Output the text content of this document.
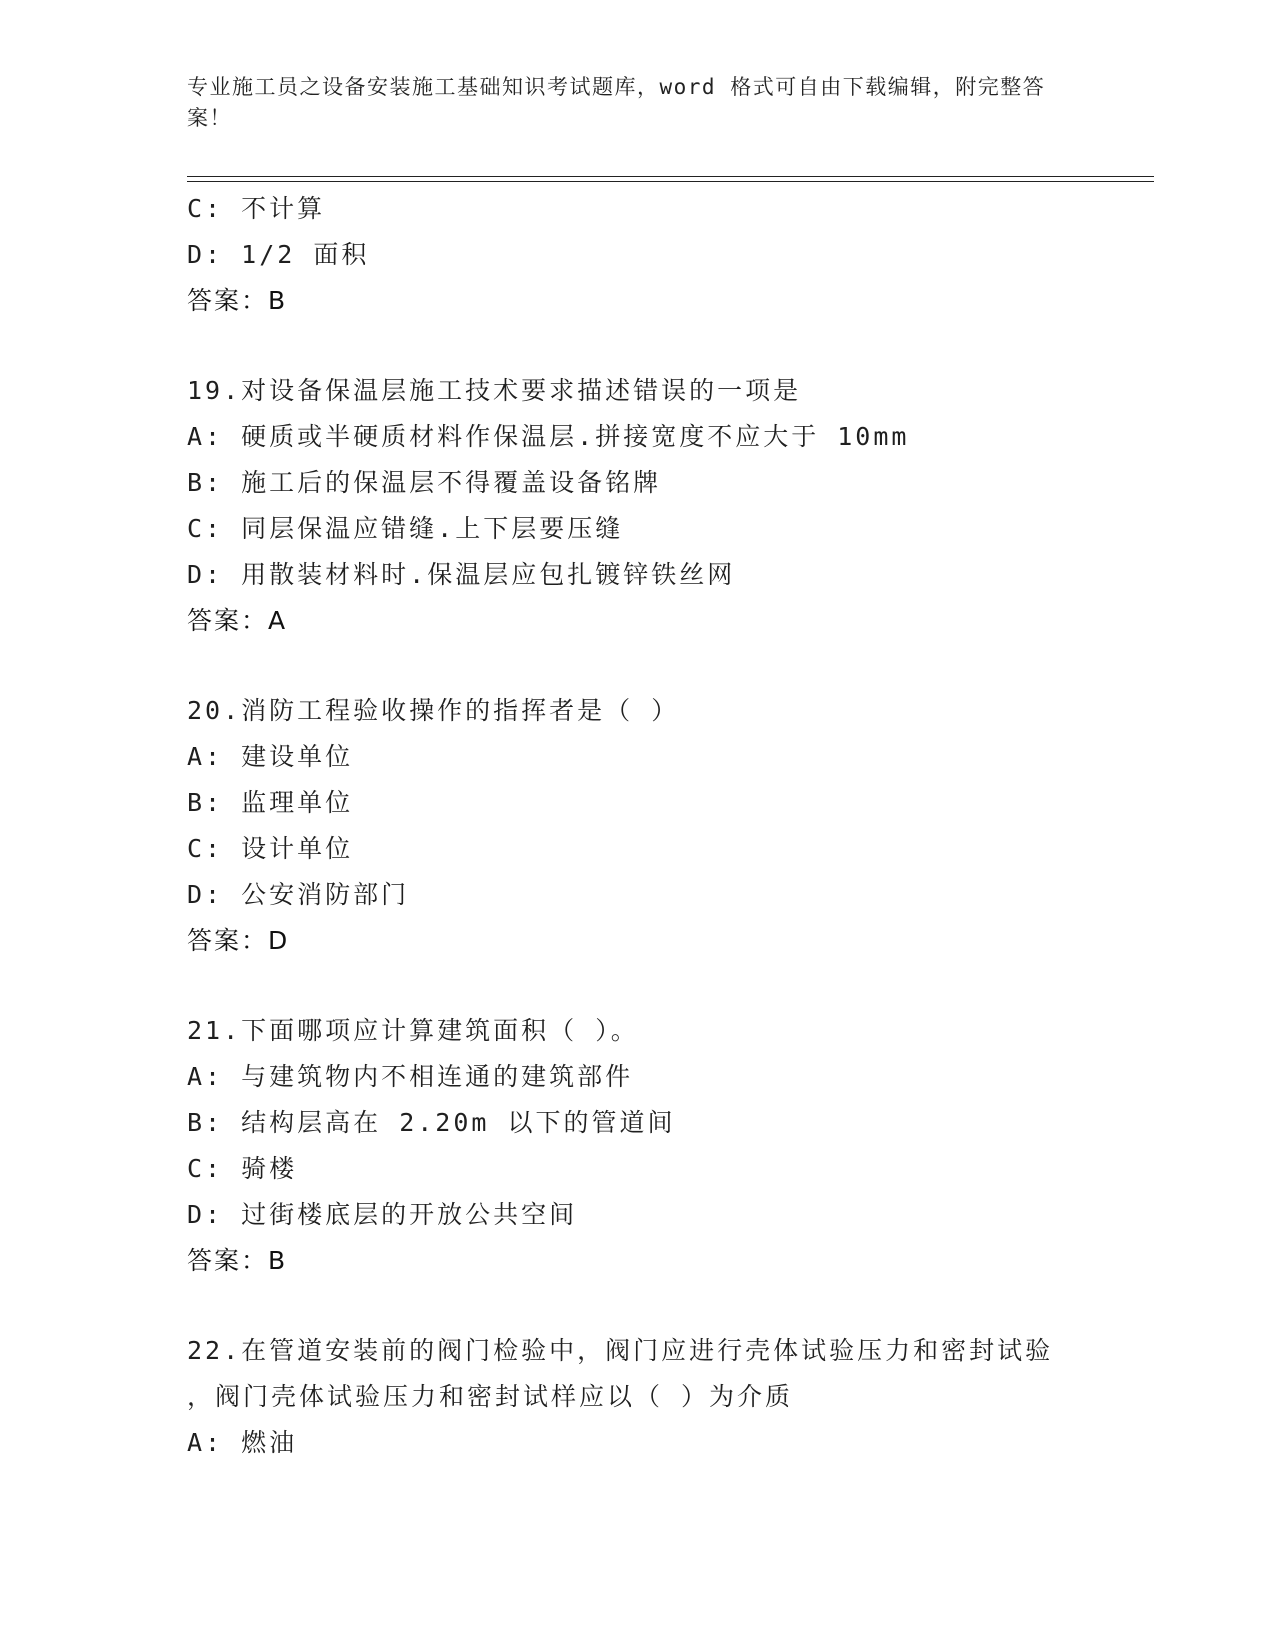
专业施工员之设备安装施工基础知识考试题库，word 格式可自由下载编辑，附完整答案！
C: 不计算
D: 1/2 面积
答案：B
19.对设备保温层施工技术要求描述错误的一项是
A: 硬质或半硬质材料作保温层.拼接宽度不应大于 10mm
B: 施工后的保温层不得覆盖设备铭牌
C: 同层保温应错缝.上下层要压缝
D: 用散装材料时.保温层应包扎镀锌铁丝网
答案：A
20.消防工程验收操作的指挥者是（ ）
A: 建设单位
B: 监理单位
C: 设计单位
D: 公安消防部门
答案：D
21.下面哪项应计算建筑面积（ ）。
A: 与建筑物内不相连通的建筑部件
B: 结构层高在 2.20m 以下的管道间
C: 骑楼
D: 过街楼底层的开放公共空间
答案：B
22.在管道安装前的阀门检验中，阀门应进行壳体试验压力和密封试验
，阀门壳体试验压力和密封试样应以（ ）为介质
A: 燃油
